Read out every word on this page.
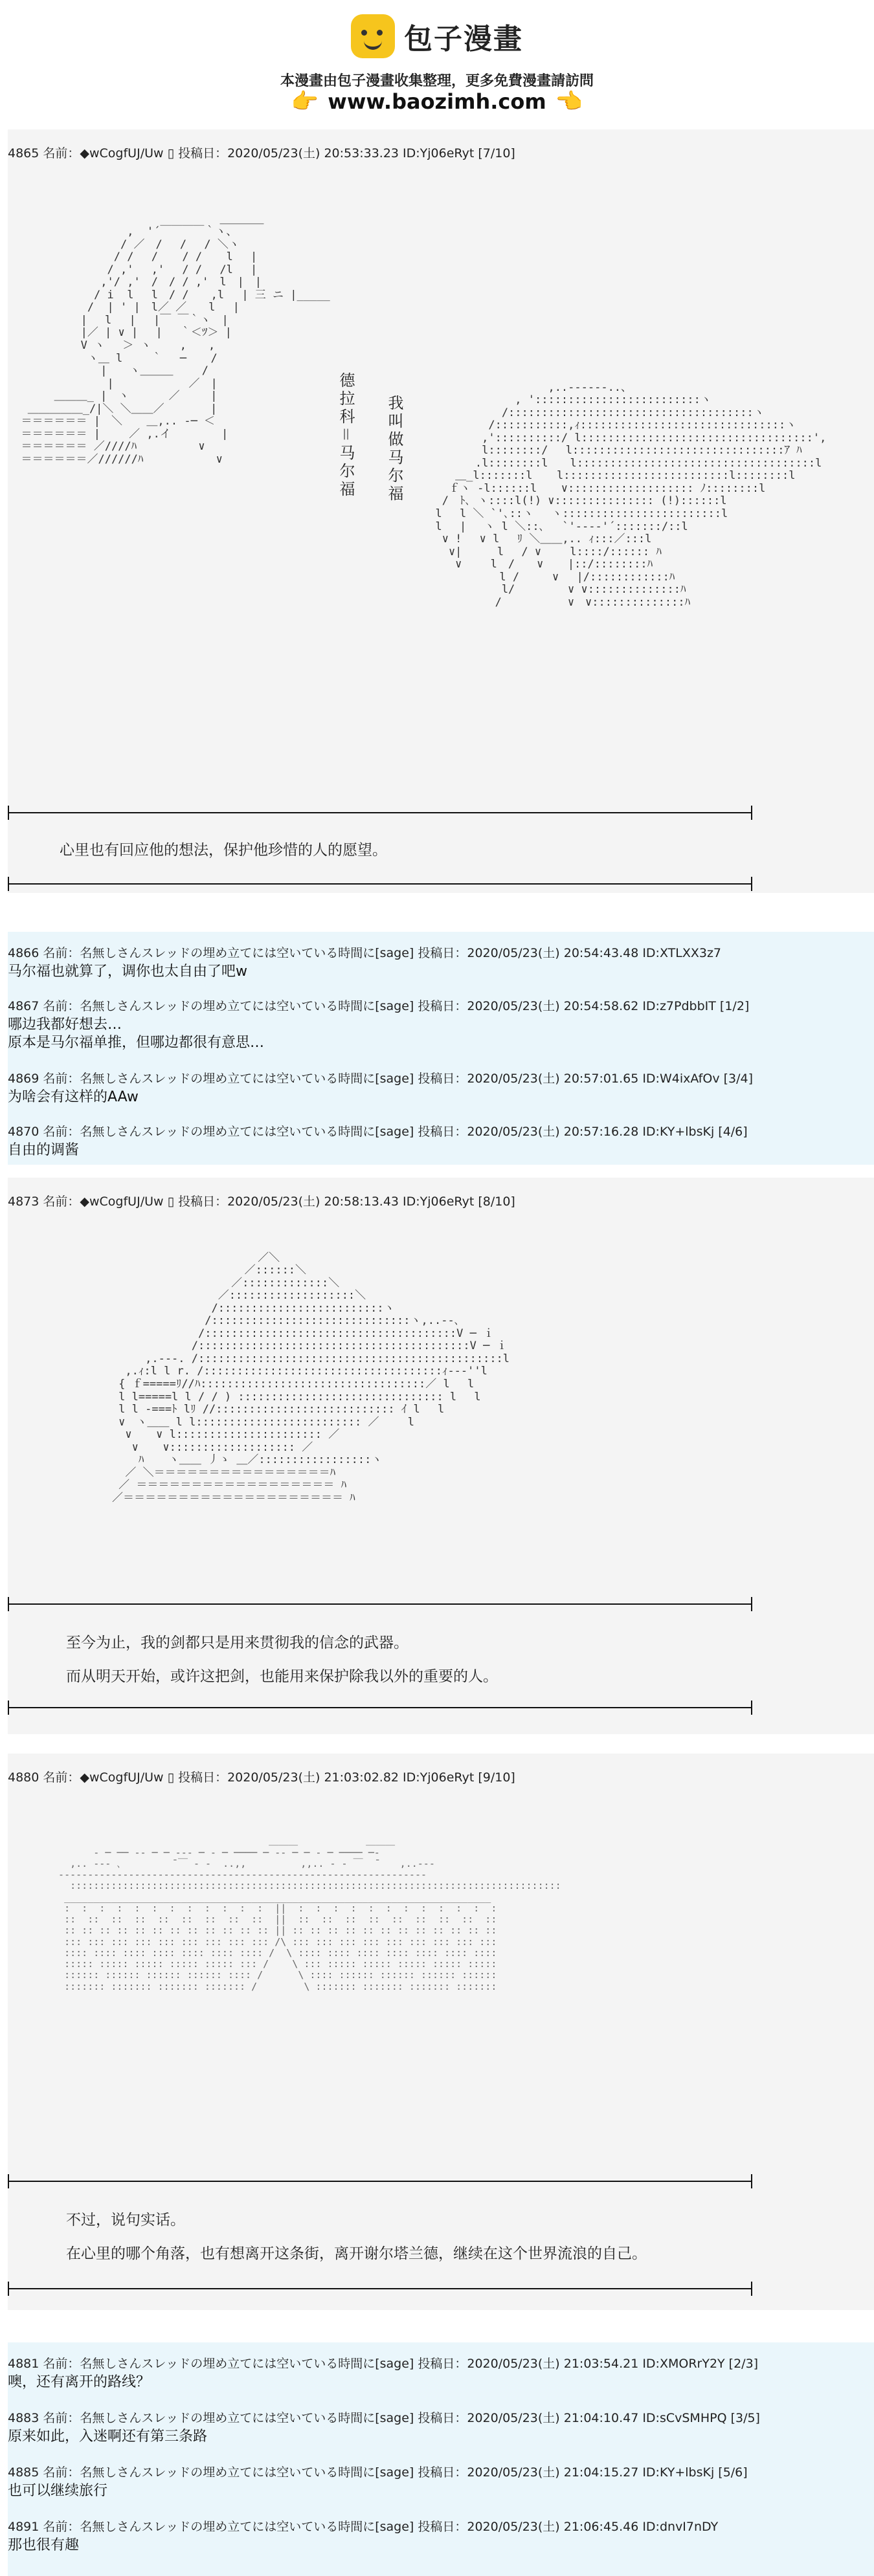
包子漫畫
本漫畫由包子漫畫收集整理，更多免費漫畫請訪問
👉 www.baozimh.com 👈
4865 名前：◆wCogfUJ/Uw ▯ 投稿日：2020/05/23(土) 20:53:33.23 ID:Yj06eRyt [7/10]

＿＿＿＿
,  '´￣￣￣￣｀ヽ、
/ ／　/　 /　 / ＼ヽ
/ /　 / 　 / / 　 l 　|
/ ,'　 ,' 　/ /　 /l　 |
,'/ ,'　/　/ / ,'　l　|　|
/ i  l　 l　/ /　　,l　 | 三 ニ |_____
/  | ' |　l／ ／　　l　 |
|　 l　 |　 |￣ ￣｀ヽ　|
|／ | ∨ |　 |　 ｀＜ﾂ＞ |
V ヽ　 ＞ ヽ　　 ,　　,
ヽ＿ l　　 ｀　 ─ 　 /
|　　ヽ＿＿＿　 　/
|　　 　　 　 ／　|
＿＿＿_ |　ヽ　　　 ／   　|
＿＿＿＿＿_/|＼ ＼＿＿／ 　　　 |
＝＝＝＝＝＝ |　＼ 　 ＿,.. -─ ＜
＝＝＝＝＝＝ |　　 ／ ,.イ　　　　 |
＝＝＝＝＝＝ ／////ﾊ　　　　　 ∨
＝＝＝＝＝＝／//////ﾊ　　　　　　 ∨	德拉科＝马尔福 我叫做马尔福

,..--‐‐--..、
, ':::::::::::::::::::::::::ヽ
/:::::::::::::::::::::::::::::::::::::ヽ
/:::::::::::,ｨ:::::::::::::::::::::::::::::::ヽ
,'::::::::::/ l:::::::::::::::::::::::::::::::::::',
l::::::::/ 　l::::::::::::::::::::::::::::::::ｱ ﾊ
.l::::::::l　　l::::::::::::::::::::::::::::::::::::l
＿_l:::::::l 　 l:::::::::::::::::::::::::l::::::::l
ｆヽ ‐l::::::l 　 ∨::::::::::::::::::: ﾉ::::::::l
/　ﾄ､ ヽ::::l(!) ∨::::::::::::::: (!)::::::l
l　 l ＼ `'､::ヽ　 ヽ::::::::::::::::::::::::l
l 　|　 ヽ l ＼::､　 `'‐‐‐‐'´:::::::/::l
∨ !　 ∨ l　 ﾘ ＼＿＿,.. ｨ:::／:::l
∨|　 　 l　 / ∨　　 l::::/:::::: ﾊ
∨　　 l　/　　∨ 　 |::/::::::::ﾊ
　 l /　　　∨　 |/::::::::::::ﾊ
l/ 　 　 　∨ ∨::::::::::::::ﾊ
/　　　　　　∨　∨::::::::::::::ﾊ
心里也有回应他的想法，保护他珍惜的人的愿望。
4866 名前：名無しさんスレッドの埋め立てには空いている時間に[sage] 投稿日：2020/05/23(土) 20:54:43.48 ID:XTLXX3z7
马尔福也就算了，调你也太自由了吧w
4867 名前：名無しさんスレッドの埋め立てには空いている時間に[sage] 投稿日：2020/05/23(土) 20:54:58.62 ID:z7PdbbIT [1/2]
哪边我都好想去…
原本是马尔福单推，但哪边都很有意思…
4869 名前：名無しさんスレッドの埋め立てには空いている時間に[sage] 投稿日：2020/05/23(土) 20:57:01.65 ID:W4ixAfOv [3/4]
为啥会有这样的AAw
4870 名前：名無しさんスレッドの埋め立てには空いている時間に[sage] 投稿日：2020/05/23(土) 20:57:16.28 ID:KY+lbsKj [4/6]
自由的调酱
4873 名前：◆wCogfUJ/Uw ▯ 投稿日：2020/05/23(土) 20:58:13.43 ID:Yj06eRyt [8/10]

／＼
／::::::＼
／:::::::::::::＼
／:::::::::::::::::::＼
/:::::::::::::::::::::::::ヽ
/::::::::::::::::::::::::::::::ヽ,..--､
/::::::::::::::::::::::::::::::::::::::V ─ ｉ
/:::::::::::::::::::::::::::::::::::::::::V ─ ｉ
,.---. /::::::::::::::::::::::::::::::::::::::::::::::l
,.ｨ:l l r. /::::::::::::::::::::::::::::::::::::ｨ-‐-''l
{ ｆ=====ﾘ//ﾊ::::::::::::::::::::::::::::::::::／ l　 l
l l=====l l / / ) ::::::::::::::::::::::::::::::: l　 l
l l ‐===ﾄ lﾘ //::::::::::::::::::::::::::: ｲ l　 l
∨　ヽ＿＿ l l::::::::::::::::::::::::: ／　　 l
∨ 　 ∨ l:::::::::::::::::::::: ／
∨ 　 ∨::::::::::::::::::: ／
ﾊ 　 ヽ＿＿ 丿ゝ ＿／:::::::::::::::::ヽ
／ ＼＝＝＝＝＝＝＝＝＝＝＝＝＝＝＝＝ﾊ
／ ＝＝＝＝＝＝＝＝＝＝＝＝＝＝＝＝＝＝ ﾊ
／＝＝＝＝＝＝＝＝＝＝＝＝＝＝＝＝＝＝＝＝ ﾊ
至今为止，我的剑都只是用来贯彻我的信念的武器。
而从明天开始，或许这把剑，也能用来保护除我以外的重要的人。
4880 名前：◆wCogfUJ/Uw ▯ 投稿日：2020/05/23(土) 21:03:02.82 ID:Yj06eRyt [9/10]

＿＿＿　　　　　　　＿＿＿
‐ ─ ── ‐‐ ─ ─ ‐‐‐ ─ ‐ ─ ──── ─ ‐‐ ─ ─ ‐ ─ ──── ─‐
,.. -‐‐ ､　　　　  ̄ ￣ ‐ -  ..,,　　　　　 ,,.. - ‐ ￣  ̄　　 ,..-‐‐
‐‐‐‐‐‐‐‐‐‐‐‐‐‐‐‐‐‐‐‐‐‐‐‐‐‐‐‐‐‐‐‐‐‐‐‐‐‐‐‐‐‐‐‐‐‐‐‐‐‐‐‐‐‐‐‐‐‐‐‐‐‐‐
::::::::::::::::::::::::::::::::::::::::::::::::::::::::::::::::::::::::::::::::::::
_________________________________________________________________________
:  :  :  :  :  :  :  :  :  :  :  :  ||  :  :  :  :  :  :  :  :  :  :  :  :
::  ::  ::  ::  ::  ::  ::  ::  ::  ||  ::  ::  ::  ::  ::  ::  ::  ::  ::
:: :: :: :: :: :: :: :: :: :: :: :: || :: :: :: :: :: :: :: :: :: :: :: ::
::: ::: ::: ::: ::: ::: ::: ::: ::: /\ ::: ::: ::: ::: ::: ::: ::: ::: :::
:::: :::: :::: :::: :::: :::: :::: /  \ :::: :::: :::: :::: :::: :::: ::::
::::: ::::: ::::: ::::: ::::: ::: /    \ ::: ::::: ::::: ::::: ::::: :::::
:::::: :::::: :::::: :::::: :::: /      \ :::: :::::: :::::: :::::: ::::::
::::::: ::::::: ::::::: ::::::: /        \ ::::::: ::::::: ::::::: :::::::
不过，说句实话。
在心里的哪个角落，也有想离开这条街，离开谢尔塔兰德，继续在这个世界流浪的自己。
4881 名前：名無しさんスレッドの埋め立てには空いている時間に[sage] 投稿日：2020/05/23(土) 21:03:54.21 ID:XMORrY2Y [2/3]
噢，还有离开的路线？
4883 名前：名無しさんスレッドの埋め立てには空いている時間に[sage] 投稿日：2020/05/23(土) 21:04:10.47 ID:sCvSMHPQ [3/5]
原来如此，入迷啊还有第三条路
4885 名前：名無しさんスレッドの埋め立てには空いている時間に[sage] 投稿日：2020/05/23(土) 21:04:15.27 ID:KY+lbsKj [5/6]
也可以继续旅行
4891 名前：名無しさんスレッドの埋め立てには空いている時間に[sage] 投稿日：2020/05/23(土) 21:06:45.46 ID:dnvI7nDY
那也很有趣
